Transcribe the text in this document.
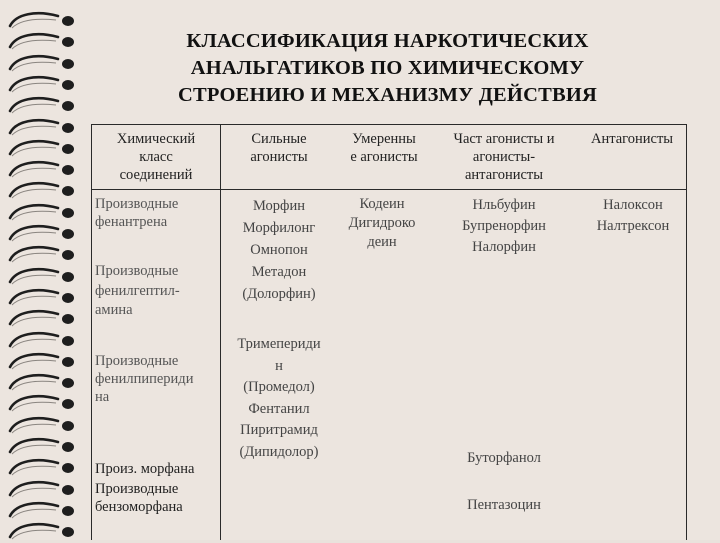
КЛАССИФИКАЦИЯ НАРКОТИЧЕСКИХ
АНАЛЬГАТИКОВ ПО ХИМИЧЕСКОМУ
СТРОЕНИЮ И МЕХАНИЗМУ ДЕЙСТВИЯ
Химический
класс
соединений
Сильные
агонисты
Умеренны
е агонисты
Част агонисты и
агонисты-
антагонисты
Антагонисты
Производные
фенантрена
Производные
фенилгептил-
амина
Производные
фенилпипериди
на
Произ. морфана
Производные
бензоморфана
Морфин
Морфилонг
Омнопон
Метадон
(Долорфин)
Тримепериди
н
(Промедол)
Фентанил
Пиритрамид
(Дипидолор)
Кодеин
Дигидроко
деин
Нльбуфин
Бупренорфин
Налорфин
Буторфанол
Пентазоцин
Налоксон
Налтрексон
